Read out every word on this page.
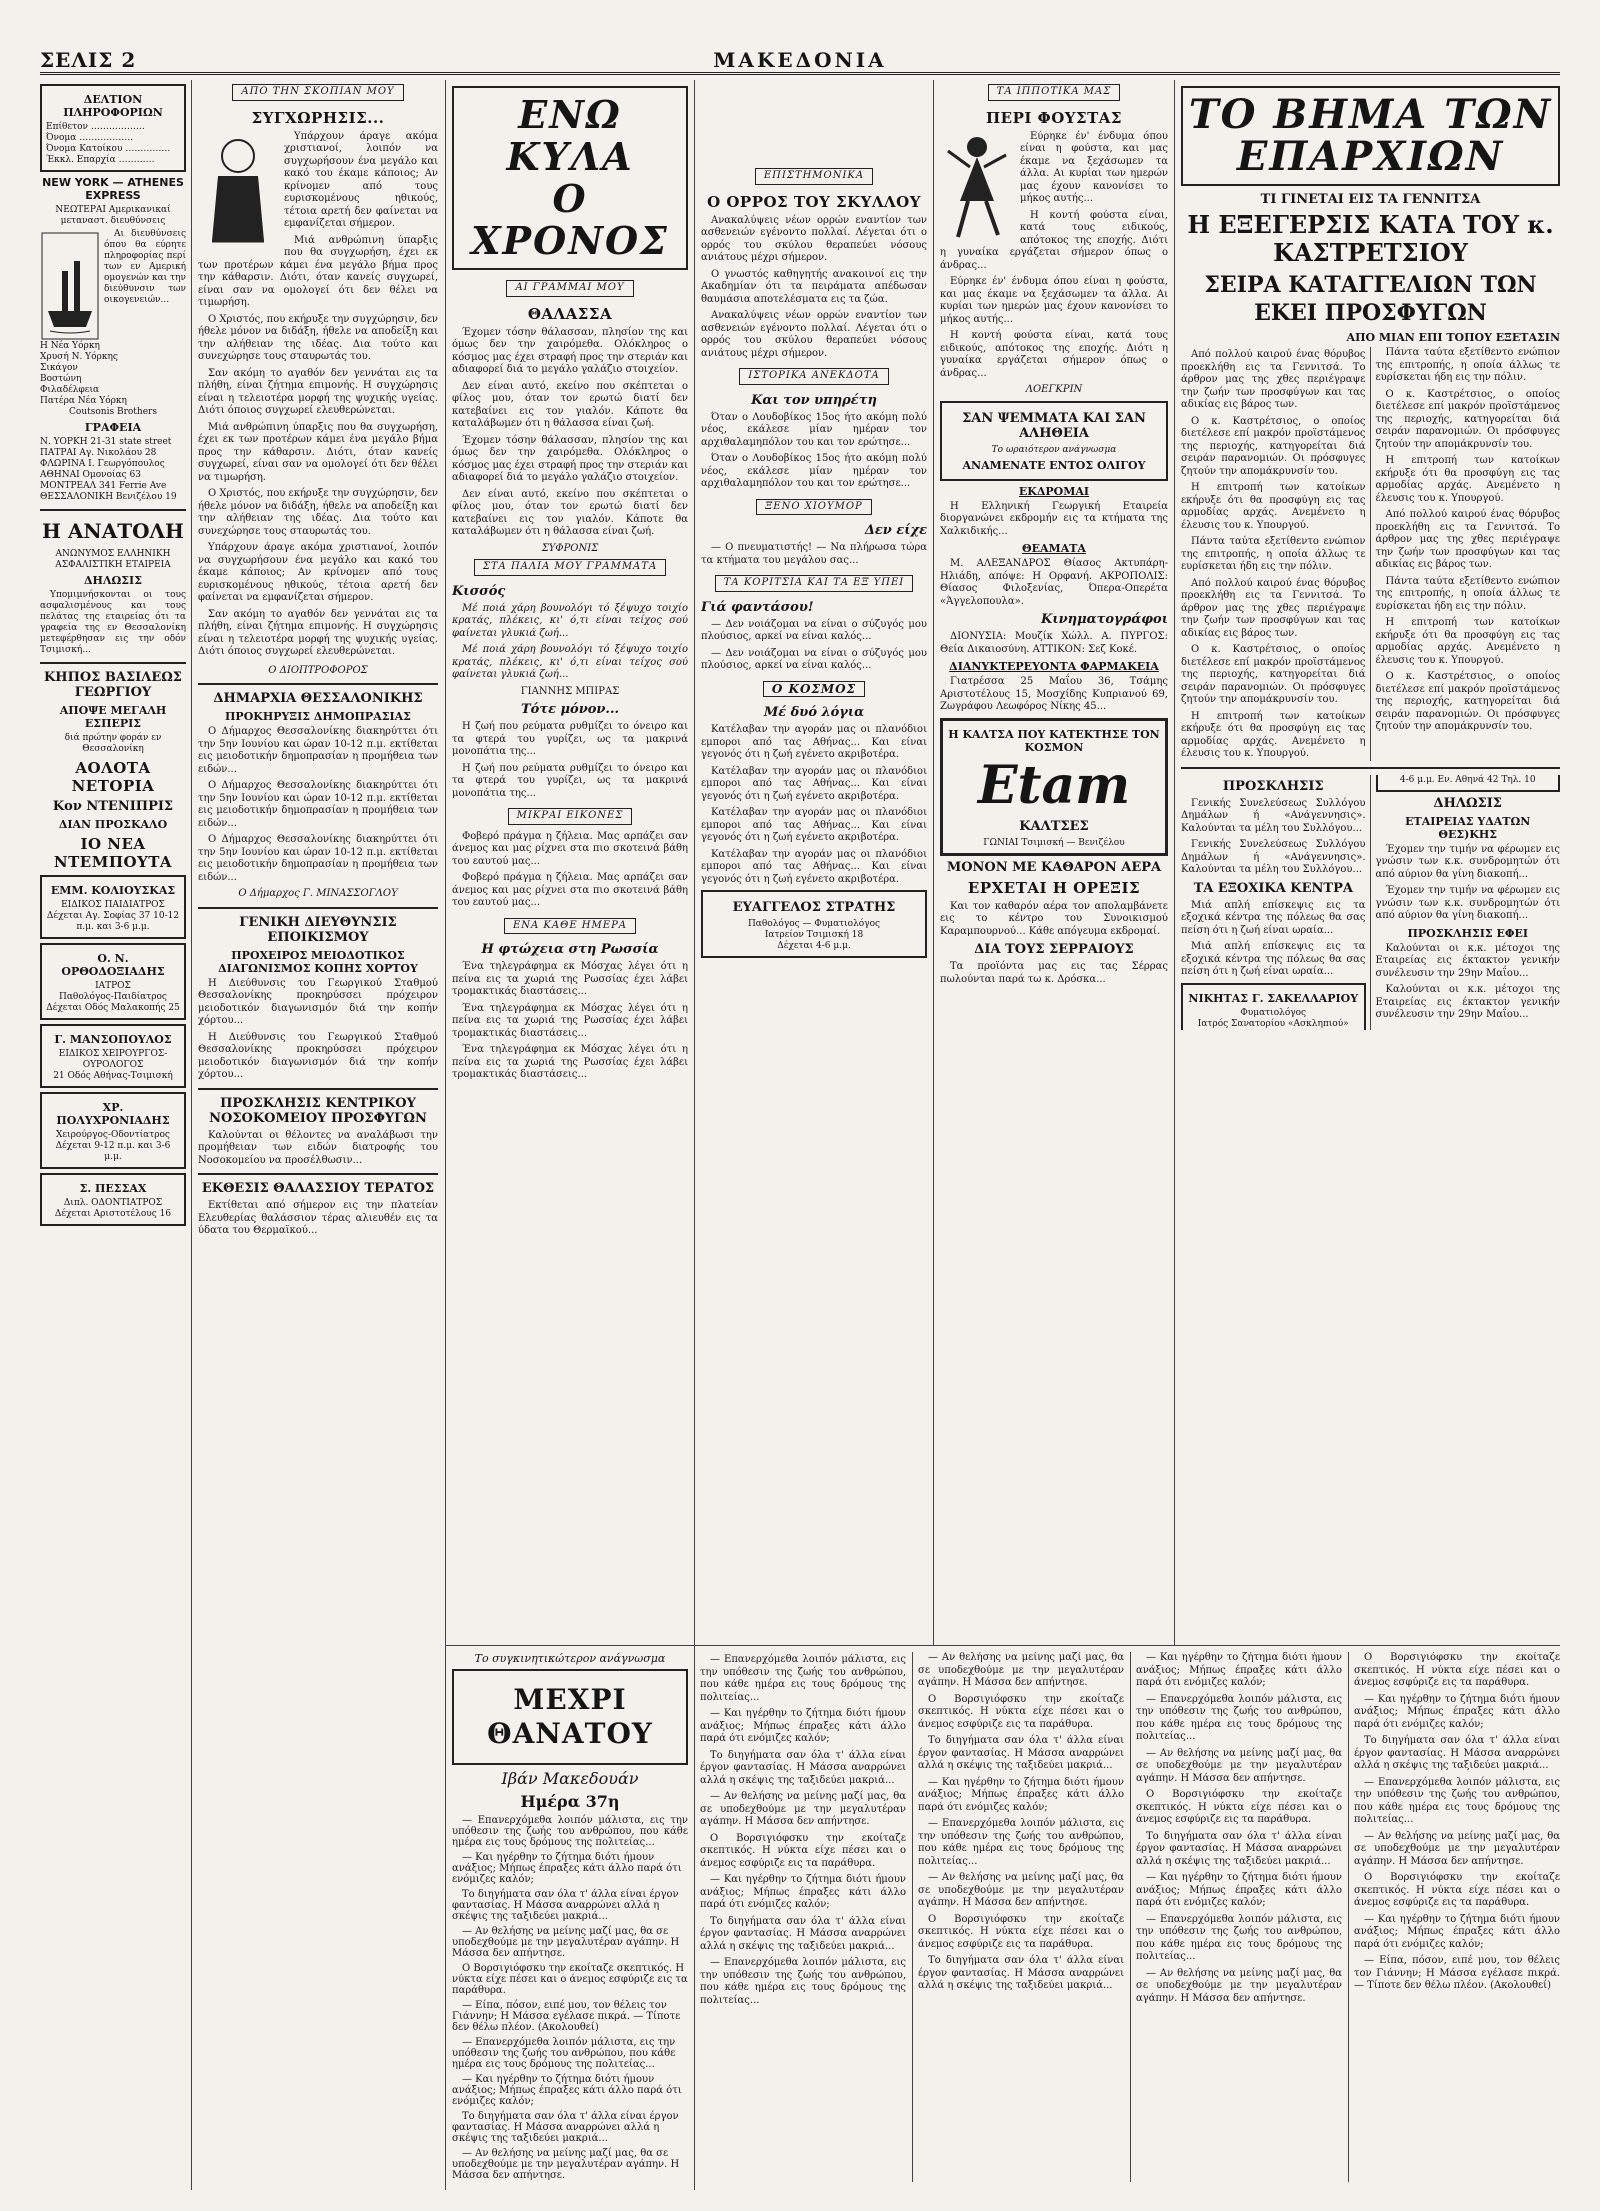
ΣΕΛΙΣ 2	ΜΑΚΕΔΟΝΙΑ
ΔΕΛΤΙΟΝ ΠΛΗΡΟΦΟΡΙΩΝ
Επίθετον ………………
Όνομα ………………
Όνομα Κατοίκου ……………
Έκκλ. Επαρχία …………
NEW YORK — ATHENES EXPRESS
ΝΕΩΤΕΡΑΙ Αμερικανικαί μεταναστ. διευθύνσεις

Αι διευθύνσεις όπου θα εύρητε πληροφορίας περί των εν Αμερική ομογενών και την διεύθυνσιν των οικογενειών...

Η Νέα Υόρκη
Χρυσή Ν. Υόρκης
Σικάγον
Βοστώνη
Φιλαδέλφεια
Πατέρα Νέα Υόρκη
Coutsonis Brothers
ΓΡΑΦΕΙΑ
Ν. ΥΟΡΚΗ 21-31 state street
ΠΑΤΡΑΙ Αγ. Νικολάου 28
ΦΛΩΡΙΝΑ Ι. Γεωργόπουλος
ΑΘΗΝΑΙ Ομονοίας 63
ΜΟΝΤΡΕΑΛ 341 Ferrie Ave
ΘΕΣΣΑΛΟΝΙΚΗ Βενιζέλου 19
Η ΑΝΑΤΟΛΗ
ΑΝΩΝΥΜΟΣ ΕΛΛΗΝΙΚΗ ΑΣΦΑΛΙΣΤΙΚΗ ΕΤΑΙΡΕΙΑ
ΔΗΛΩΣΙΣ

Υπομιμνήσκονται οι τους ασφαλισμένους και τους πελάτας της εταιρείας ότι τα γραφεία της εν Θεσσαλονίκη μετεφέρθησαν εις την οδόν Τσιμισκή...

ΚΗΠΟΣ ΒΑΣΙΛΕΩΣ ΓΕΩΡΓΙΟΥ
ΑΠΟΨΕ ΜΕΓΑΛΗ ΕΣΠΕΡΙΣ
διά πρώτην φοράν εν Θεσσαλονίκη
ΑΟΛΟΤΑ ΝΕΤΟΡΙΑ
Κον ΝΤΕΝΙΠΡΙΣ
ΔΙΑΝ ΠΡΟΣΚΑΛΟ
ΙΟ ΝΕΑ ΝΤΕΜΠΟΥΤΑ
ΕΜΜ. ΚΟΛΙΟΥΣΚΑΣ
ΕΙΔΙΚΟΣ ΠΑΙΔΙΑΤΡΟΣ
Δέχεται Αγ. Σοφίας 37 10-12 π.μ. και 3-6 μ.μ.
Ο. Ν. ΟΡΘΟΔΟΞΙΑΔΗΣ
ΙΑΤΡΟΣ
Παθολόγος-Παιδίατρος
Δέχεται Οδός Μαλακοπής 25
Γ. ΜΑΝΣΟΠΟΥΛΟΣ
ΕΙΔΙΚΟΣ ΧΕΙΡΟΥΡΓΟΣ-ΟΥΡΟΛΟΓΟΣ
21 Οδός Αθήνας-Τσιμισκή
ΧΡ. ΠΟΛΥΧΡΟΝΙΑΔΗΣ
Χειρούργος-Οδοντίατρος
Δέχεται 9-12 π.μ. και 3-6 μ.μ.
Σ. ΠΕΣΣΑΧ
Διπλ. ΟΔΟΝΤΙΑΤΡΟΣ
Δέχεται Αριστοτέλους 16
ΑΠΟ ΤΗΝ ΣΚΟΠΙΑΝ ΜΟΥ
ΣΥΓΧΩΡΗΣΙΣ...

Υπάρχουν άραγε ακόμα χριστιανοί, λοιπόν να συγχωρήσουν ένα μεγάλο και κακό του έκαμε κάποιος; Αν κρίνομεν από τους ευρισκομένους ηθικούς, τέτοια αρετή δεν φαίνεται να εμφανίζεται σήμερον.

Μιά ανθρώπινη ύπαρξις που θα συγχωρήση, έχει εκ των προτέρων κάμει ένα μεγάλο βήμα προς την κάθαρσιν. Διότι, όταν κανείς συγχωρεί, είναι σαν να ομολογεί ότι δεν θέλει να τιμωρήση.

Ο Χριστός, που εκήρυξε την συγχώρησιν, δεν ήθελε μόνον να διδάξη, ήθελε να αποδείξη και την αλήθειαν της ιδέας. Δια τούτο και συνεχώρησε τους σταυρωτάς του.

Σαν ακόμη το αγαθόν δεν γεννάται εις τα πλήθη, είναι ζήτημα επιμονής. Η συγχώρησις είναι η τελειοτέρα μορφή της ψυχικής υγείας. Διότι όποιος συγχωρεί ελευθερώνεται.

Μιά ανθρώπινη ύπαρξις που θα συγχωρήση, έχει εκ των προτέρων κάμει ένα μεγάλο βήμα προς την κάθαρσιν. Διότι, όταν κανείς συγχωρεί, είναι σαν να ομολογεί ότι δεν θέλει να τιμωρήση.

Ο Χριστός, που εκήρυξε την συγχώρησιν, δεν ήθελε μόνον να διδάξη, ήθελε να αποδείξη και την αλήθειαν της ιδέας. Δια τούτο και συνεχώρησε τους σταυρωτάς του.

Υπάρχουν άραγε ακόμα χριστιανοί, λοιπόν να συγχωρήσουν ένα μεγάλο και κακό του έκαμε κάποιος; Αν κρίνομεν από τους ευρισκομένους ηθικούς, τέτοια αρετή δεν φαίνεται να εμφανίζεται σήμερον.

Σαν ακόμη το αγαθόν δεν γεννάται εις τα πλήθη, είναι ζήτημα επιμονής. Η συγχώρησις είναι η τελειοτέρα μορφή της ψυχικής υγείας. Διότι όποιος συγχωρεί ελευθερώνεται.

Ο ΔΙΟΠΤΡΟΦΟΡΟΣ
ΔΗΜΑΡΧΙΑ ΘΕΣΣΑΛΟΝΙΚΗΣ
ΠΡΟΚΗΡΥΞΙΣ ΔΗΜΟΠΡΑΣΙΑΣ

Ο Δήμαρχος Θεσσαλονίκης διακηρύττει ότι την 5ην Ιουνίου και ώραν 10-12 π.μ. εκτίθεται εις μειοδοτικήν δημοπρασίαν η προμήθεια των ειδών...

Ο Δήμαρχος Θεσσαλονίκης διακηρύττει ότι την 5ην Ιουνίου και ώραν 10-12 π.μ. εκτίθεται εις μειοδοτικήν δημοπρασίαν η προμήθεια των ειδών...

Ο Δήμαρχος Θεσσαλονίκης διακηρύττει ότι την 5ην Ιουνίου και ώραν 10-12 π.μ. εκτίθεται εις μειοδοτικήν δημοπρασίαν η προμήθεια των ειδών...

Ο Δήμαρχος Γ. ΜΙΝΑΣΣΟΓΛΟΥ
ΓΕΝΙΚΗ ΔΙΕΥΘΥΝΣΙΣ ΕΠΟΙΚΙΣΜΟΥ
ΠΡΟΧΕΙΡΟΣ ΜΕΙΟΔΟΤΙΚΟΣ ΔΙΑΓΩΝΙΣΜΟΣ ΚΟΠΗΣ ΧΟΡΤΟΥ

Η Διεύθυνσις του Γεωργικού Σταθμού Θεσσαλονίκης προκηρύσσει πρόχειρον μειοδοτικόν διαγωνισμόν διά την κοπήν χόρτου...

Η Διεύθυνσις του Γεωργικού Σταθμού Θεσσαλονίκης προκηρύσσει πρόχειρον μειοδοτικόν διαγωνισμόν διά την κοπήν χόρτου...

ΠΡΟΣΚΛΗΣΙΣ ΚΕΝΤΡΙΚΟΥ ΝΟΣΟΚΟΜΕΙΟΥ ΠΡΟΣΦΥΓΩΝ

Καλούνται οι θέλοντες να αναλάβωσι την προμήθειαν των ειδών διατροφής του Νοσοκομείου να προσέλθωσιν...

ΕΚΘΕΣΙΣ ΘΑΛΑΣΣΙΟΥ ΤΕΡΑΤΟΣ

Εκτίθεται από σήμερον εις την πλατείαν Ελευθερίας θαλάσσιον τέρας αλιευθέν εις τα ύδατα του Θερμαϊκού...

ΕΝΩ ΚΥΛΑ
Ο ΧΡΟΝΟΣ
ΑΙ ΓΡΑΜΜΑΙ ΜΟΥ
ΘΑΛΑΣΣΑ

Έχομεν τόσην θάλασσαν, πλησίον της και όμως δεν την χαιρόμεθα. Ολόκληρος ο κόσμος μας έχει στραφή προς την στεριάν και αδιαφορεί διά το μεγάλο γαλάζιο στοιχείον.

Δεν είναι αυτό, εκείνο που σκέπτεται ο φίλος μου, όταν τον ερωτώ διατί δεν κατεβαίνει εις τον γιαλόν. Κάποτε θα καταλάβωμεν ότι η θάλασσα είναι ζωή.

Έχομεν τόσην θάλασσαν, πλησίον της και όμως δεν την χαιρόμεθα. Ολόκληρος ο κόσμος μας έχει στραφή προς την στεριάν και αδιαφορεί διά το μεγάλο γαλάζιο στοιχείον.

Δεν είναι αυτό, εκείνο που σκέπτεται ο φίλος μου, όταν τον ερωτώ διατί δεν κατεβαίνει εις τον γιαλόν. Κάποτε θα καταλάβωμεν ότι η θάλασσα είναι ζωή.

ΣΥΦΡΟΝΙΣ
ΣΤΑ ΠΑΛΙΑ ΜΟΥ ΓΡΑΜΜΑΤΑ
Κισσός

Μέ ποιά χάρη βουνολόγι τό ξέψυχο τοιχίο κρατάς, πλέκεις, κι' ό,τι είναι τείχος σού φαίνεται γλυκιά ζωή...

Μέ ποιά χάρη βουνολόγι τό ξέψυχο τοιχίο κρατάς, πλέκεις, κι' ό,τι είναι τείχος σού φαίνεται γλυκιά ζωή...

ΓΙΑΝΝΗΣ ΜΠΙΡΑΣ
Τότε μόνον...

Η ζωή που ρεύματα ρυθμίζει το όνειρο και τα φτερά του γυρίζει, ως τα μακρινά μονοπάτια της...

Η ζωή που ρεύματα ρυθμίζει το όνειρο και τα φτερά του γυρίζει, ως τα μακρινά μονοπάτια της...

ΜΙΚΡΑΙ ΕΙΚΟΝΕΣ

Φοβερό πράγμα η ζήλεια. Μας αρπάζει σαν άνεμος και μας ρίχνει στα πιο σκοτεινά βάθη του εαυτού μας...

Φοβερό πράγμα η ζήλεια. Μας αρπάζει σαν άνεμος και μας ρίχνει στα πιο σκοτεινά βάθη του εαυτού μας...

ΕΝΑ ΚΑΘΕ ΗΜΕΡΑ
Η φτώχεια στη Ρωσσία

Ένα τηλεγράφημα εκ Μόσχας λέγει ότι η πείνα εις τα χωριά της Ρωσσίας έχει λάβει τρομακτικάς διαστάσεις...

Ένα τηλεγράφημα εκ Μόσχας λέγει ότι η πείνα εις τα χωριά της Ρωσσίας έχει λάβει τρομακτικάς διαστάσεις...

Ένα τηλεγράφημα εκ Μόσχας λέγει ότι η πείνα εις τα χωριά της Ρωσσίας έχει λάβει τρομακτικάς διαστάσεις...

ΕΠΙΣΤΗΜΟΝΙΚΑ
Ο ΟΡΡΟΣ ΤΟΥ ΣΚΥΛΛΟΥ

Ανακαλύψεις νέων ορρών εναντίον των ασθενειών εγένοντο πολλαί. Λέγεται ότι ο ορρός του σκύλου θεραπεύει νόσους ανιάτους μέχρι σήμερον.

Ο γνωστός καθηγητής ανακοινοί εις την Ακαδημίαν ότι τα πειράματα απέδωσαν θαυμάσια αποτελέσματα εις τα ζώα.

Ανακαλύψεις νέων ορρών εναντίον των ασθενειών εγένοντο πολλαί. Λέγεται ότι ο ορρός του σκύλου θεραπεύει νόσους ανιάτους μέχρι σήμερον.

ΙΣΤΟΡΙΚΑ ΑΝΕΚΔΟΤΑ
Και τον υπηρέτη

Όταν ο Λουδοβίκος 15ος ήτο ακόμη πολύ νέος, εκάλεσε μίαν ημέραν τον αρχιθαλαμηπόλον του και τον ερώτησε...

Όταν ο Λουδοβίκος 15ος ήτο ακόμη πολύ νέος, εκάλεσε μίαν ημέραν τον αρχιθαλαμηπόλον του και τον ερώτησε...

ΞΕΝΟ ΧΙΟΥΜΟΡ
Δεν είχε

— Ο πνευματιστής! — Να πλήρωσα τώρα τα κτήματα του μεγάλου σας...

ΤΑ ΚΟΡΙΤΣΙΑ ΚΑΙ ΤΑ ΕΞ ΥΠΕΙ
Γιά φαντάσου!

— Δεν νοιάζομαι να είναι ο σύζυγός μου πλούσιος, αρκεί να είναι καλός...

— Δεν νοιάζομαι να είναι ο σύζυγός μου πλούσιος, αρκεί να είναι καλός...

Ο ΚΟΣΜΟΣ
Μέ δυό λόγια

Κατέλαβαν την αγοράν μας οι πλανόδιοι εμποροι από τας Αθήνας... Και είναι γεγονός ότι η ζωή εγένετο ακριβοτέρα.

Κατέλαβαν την αγοράν μας οι πλανόδιοι εμποροι από τας Αθήνας... Και είναι γεγονός ότι η ζωή εγένετο ακριβοτέρα.

Κατέλαβαν την αγοράν μας οι πλανόδιοι εμποροι από τας Αθήνας... Και είναι γεγονός ότι η ζωή εγένετο ακριβοτέρα.

Κατέλαβαν την αγοράν μας οι πλανόδιοι εμποροι από τας Αθήνας... Και είναι γεγονός ότι η ζωή εγένετο ακριβοτέρα.

ΕΥΑΓΓΕΛΟΣ ΣΤΡΑΤΗΣ
Παθολόγος — Φυματιολόγος
Ιατρείον Τσιμισκή 18
Δέχεται 4-6 μ.μ.
ΤΑ ΙΠΠΟΤΙΚΑ ΜΑΣ
ΠΕΡΙ ΦΟΥΣΤΑΣ

Εύρηκε έν' ένδυμα όπου είναι η φούστα, και μας έκαμε να ξεχάσωμεν τα άλλα. Αι κυρίαι των ημερών μας έχουν κανονίσει το μήκος αυτής...

Η κοντή φούστα είναι, κατά τους ειδικούς, απότοκος της εποχής. Διότι η γυναίκα εργάζεται σήμερον όπως ο άνδρας...

Εύρηκε έν' ένδυμα όπου είναι η φούστα, και μας έκαμε να ξεχάσωμεν τα άλλα. Αι κυρίαι των ημερών μας έχουν κανονίσει το μήκος αυτής...

Η κοντή φούστα είναι, κατά τους ειδικούς, απότοκος της εποχής. Διότι η γυναίκα εργάζεται σήμερον όπως ο άνδρας...

ΛΟΕΓΚΡΙΝ
ΣΑΝ ΨΕΜΜΑΤΑ ΚΑΙ ΣΑΝ ΑΛΗΘΕΙΑ
Το ωραιότερον ανάγνωσμα
ΑΝΑΜΕΝΑΤΕ ΕΝΤΟΣ ΟΛΙΓΟΥ
ΕΚΔΡΟΜΑΙ

Η Ελληνική Γεωργική Εταιρεία διοργανώνει εκδρομήν εις τα κτήματα της Χαλκιδικής...

ΘΕΑΜΑΤΑ

Μ. ΑΛΕΞΑΝΔΡΟΣ Θίασος Ακτυπάρη-Ηλιάδη, απόψε: Η Ορφανή. ΑΚΡΟΠΟΛΙΣ: Θίασος Φιλοξενίας, Όπερα-Οπερέτα «Άγγελοπουλα».

Κινηματογράφοι

ΔΙΟΝΥΣΙΑ: Μουζίκ Χώλλ. Α. ΠΥΡΓΟΣ: Θεία Δικαιοσύνη. ΑΤΤΙΚΟΝ: Σεζ Κοκέ.

ΔΙΑΝΥΚΤΕΡΕΥΟΝΤΑ ΦΑΡΜΑΚΕΙΑ

Γιατρέσσα 25 Μαΐου 36, Τσάμης Αριστοτέλους 15, Μοσχίδης Κυπριανού 69, Ζωγράφου Λεωφόρος Νίκης 45...

Η ΚΑΛΤΣΑ ΠΟΥ ΚΑΤΕΚΤΗΣΕ ΤΟΝ ΚΟΣΜΟΝ
Etam
ΚΑΛΤΣΕΣ
ΓΩΝΙΑΙ Τσιμισκή — Βενιζέλου
ΜΟΝΟΝ ΜΕ ΚΑΘΑΡΟΝ ΑΕΡΑ
ΕΡΧΕΤΑΙ Η ΟΡΕΞΙΣ

Και τον καθαρόν αέρα τον απολαμβάνετε εις το κέντρο του Συνοικισμού Καραμπουρνού... Κάθε απόγευμα εκδρομαί.

ΔΙΑ ΤΟΥΣ ΣΕΡΡΑΙΟΥΣ

Τα προϊόντα μας εις τας Σέρρας πωλούνται παρά τω κ. Δρόσκα...

ΤΟ ΒΗΜΑ ΤΩΝ
ΕΠΑΡΧΙΩΝ
ΤΙ ΓΙΝΕΤΑΙ ΕΙΣ ΤΑ ΓΕΝΝΙΤΣΑ
Η ΕΞΕΓΕΡΣΙΣ ΚΑΤΑ ΤΟΥ κ. ΚΑΣΤΡΕΤΣΙΟΥ
ΣΕΙΡΑ ΚΑΤΑΓΓΕΛΙΩΝ ΤΩΝ ΕΚΕΙ ΠΡΟΣΦΥΓΩΝ
ΑΠΟ ΜΙΑΝ ΕΠΙ ΤΟΠΟΥ ΕΞΕΤΑΣΙΝ

Από πολλού καιρού ένας θόρυβος προεκλήθη εις τα Γεννιτσά. Το άρθρον μας της χθες περιέγραψε την ζωήν των προσφύγων και τας αδικίας εις βάρος των.

Ο κ. Καστρέτσιος, ο οποίος διετέλεσε επί μακρόν προϊστάμενος της περιοχής, κατηγορείται διά σειράν παρανομιών. Οι πρόσφυγες ζητούν την απομάκρυνσίν του.

Η επιτροπή των κατοίκων εκήρυξε ότι θα προσφύγη εις τας αρμοδίας αρχάς. Ανεμένετο η έλευσις του κ. Υπουργού.

Πάντα ταύτα εξετίθεντο ενώπιον της επιτροπής, η οποία άλλως τε ευρίσκεται ήδη εις την πόλιν.

Από πολλού καιρού ένας θόρυβος προεκλήθη εις τα Γεννιτσά. Το άρθρον μας της χθες περιέγραψε την ζωήν των προσφύγων και τας αδικίας εις βάρος των.

Ο κ. Καστρέτσιος, ο οποίος διετέλεσε επί μακρόν προϊστάμενος της περιοχής, κατηγορείται διά σειράν παρανομιών. Οι πρόσφυγες ζητούν την απομάκρυνσίν του.

Η επιτροπή των κατοίκων εκήρυξε ότι θα προσφύγη εις τας αρμοδίας αρχάς. Ανεμένετο η έλευσις του κ. Υπουργού.

Πάντα ταύτα εξετίθεντο ενώπιον της επιτροπής, η οποία άλλως τε ευρίσκεται ήδη εις την πόλιν.

Ο κ. Καστρέτσιος, ο οποίος διετέλεσε επί μακρόν προϊστάμενος της περιοχής, κατηγορείται διά σειράν παρανομιών. Οι πρόσφυγες ζητούν την απομάκρυνσίν του.

Η επιτροπή των κατοίκων εκήρυξε ότι θα προσφύγη εις τας αρμοδίας αρχάς. Ανεμένετο η έλευσις του κ. Υπουργού.

Από πολλού καιρού ένας θόρυβος προεκλήθη εις τα Γεννιτσά. Το άρθρον μας της χθες περιέγραψε την ζωήν των προσφύγων και τας αδικίας εις βάρος των.

Πάντα ταύτα εξετίθεντο ενώπιον της επιτροπής, η οποία άλλως τε ευρίσκεται ήδη εις την πόλιν.

Η επιτροπή των κατοίκων εκήρυξε ότι θα προσφύγη εις τας αρμοδίας αρχάς. Ανεμένετο η έλευσις του κ. Υπουργού.

Ο κ. Καστρέτσιος, ο οποίος διετέλεσε επί μακρόν προϊστάμενος της περιοχής, κατηγορείται διά σειράν παρανομιών. Οι πρόσφυγες ζητούν την απομάκρυνσίν του.

ΠΡΟΣΚΛΗΣΙΣ

Γενικής Συνελεύσεως Συλλόγου Δημάλων ή «Ανάγεννησις». Καλούνται τα μέλη του Συλλόγου...

Γενικής Συνελεύσεως Συλλόγου Δημάλων ή «Ανάγεννησις». Καλούνται τα μέλη του Συλλόγου...

ΤΑ ΕΞΟΧΙΚΑ ΚΕΝΤΡΑ

Μιά απλή επίσκεψις εις τα εξοχικά κέντρα της πόλεως θα σας πείση ότι η ζωή είναι ωραία...

Μιά απλή επίσκεψις εις τα εξοχικά κέντρα της πόλεως θα σας πείση ότι η ζωή είναι ωραία...

ΝΙΚΗΤΑΣ Γ. ΣΑΚΕΛΛΑΡΙΟΥ
Φυματιολόγος
Ιατρός Σανατορίου «Ασκληπιού»
4-6 μ.μ. Εν. Αθηνά 42 Τηλ. 10
ΔΗΛΩΣΙΣ
ΕΤΑΙΡΕΙΑΣ ΥΔΑΤΩΝ ΘΕΣ)ΚΗΣ

Έχομεν την τιμήν να φέρωμεν εις γνώσιν των κ.κ. συνδρομητών ότι από αύριον θα γίνη διακοπή...

Έχομεν την τιμήν να φέρωμεν εις γνώσιν των κ.κ. συνδρομητών ότι από αύριον θα γίνη διακοπή...

ΠΡΟΣΚΛΗΣΙΣ ΕΦΕΙ

Καλούνται οι κ.κ. μέτοχοι της Εταιρείας εις έκτακτον γενικήν συνέλευσιν την 29ην Μαΐου...

Καλούνται οι κ.κ. μέτοχοι της Εταιρείας εις έκτακτον γενικήν συνέλευσιν την 29ην Μαΐου...

Το συγκινητικώτερον ανάγνωσμα
ΜΕΧΡΙ ΘΑΝΑΤΟΥ
Ιβάν Μακεδουάν
Ημέρα 37η

— Επανερχόμεθα λοιπόν μάλιστα, εις την υπόθεσιν της ζωής του ανθρώπου, που κάθε ημέρα εις τους δρόμους της πολιτείας...

— Και ηγέρθην το ζήτημα διότι ήμουν ανάξιος; Μήπως έπραξες κάτι άλλο παρά ότι ενόμιζες καλόν;

Το διηγήματα σαν όλα τ' άλλα είναι έργον φαντασίας. Η Μάσσα αναρρώνει αλλά η σκέψις της ταξιδεύει μακριά...

— Αν θελήσης να μείνης μαζί μας, θα σε υποδεχθούμε με την μεγαλυτέραν αγάπην. Η Μάσσα δεν απήντησε.

Ο Βορσιγιόφσκυ την εκοίταζε σκεπτικός. Η νύκτα είχε πέσει και ο άνεμος εσφύριζε εις τα παράθυρα.

— Είπα, πόσον, ειπέ μου, τον θέλεις τον Γιάννην; Η Μάσσα εγέλασε πικρά. — Τίποτε δεν θέλω πλέον. (Ακολουθεί)

— Επανερχόμεθα λοιπόν μάλιστα, εις την υπόθεσιν της ζωής του ανθρώπου, που κάθε ημέρα εις τους δρόμους της πολιτείας...

— Και ηγέρθην το ζήτημα διότι ήμουν ανάξιος; Μήπως έπραξες κάτι άλλο παρά ότι ενόμιζες καλόν;

Το διηγήματα σαν όλα τ' άλλα είναι έργον φαντασίας. Η Μάσσα αναρρώνει αλλά η σκέψις της ταξιδεύει μακριά...

— Αν θελήσης να μείνης μαζί μας, θα σε υποδεχθούμε με την μεγαλυτέραν αγάπην. Η Μάσσα δεν απήντησε.

— Επανερχόμεθα λοιπόν μάλιστα, εις την υπόθεσιν της ζωής του ανθρώπου, που κάθε ημέρα εις τους δρόμους της πολιτείας...

— Και ηγέρθην το ζήτημα διότι ήμουν ανάξιος; Μήπως έπραξες κάτι άλλο παρά ότι ενόμιζες καλόν;

Το διηγήματα σαν όλα τ' άλλα είναι έργον φαντασίας. Η Μάσσα αναρρώνει αλλά η σκέψις της ταξιδεύει μακριά...

— Αν θελήσης να μείνης μαζί μας, θα σε υποδεχθούμε με την μεγαλυτέραν αγάπην. Η Μάσσα δεν απήντησε.

Ο Βορσιγιόφσκυ την εκοίταζε σκεπτικός. Η νύκτα είχε πέσει και ο άνεμος εσφύριζε εις τα παράθυρα.

— Και ηγέρθην το ζήτημα διότι ήμουν ανάξιος; Μήπως έπραξες κάτι άλλο παρά ότι ενόμιζες καλόν;

Το διηγήματα σαν όλα τ' άλλα είναι έργον φαντασίας. Η Μάσσα αναρρώνει αλλά η σκέψις της ταξιδεύει μακριά...

— Επανερχόμεθα λοιπόν μάλιστα, εις την υπόθεσιν της ζωής του ανθρώπου, που κάθε ημέρα εις τους δρόμους της πολιτείας...

— Αν θελήσης να μείνης μαζί μας, θα σε υποδεχθούμε με την μεγαλυτέραν αγάπην. Η Μάσσα δεν απήντησε.

Ο Βορσιγιόφσκυ την εκοίταζε σκεπτικός. Η νύκτα είχε πέσει και ο άνεμος εσφύριζε εις τα παράθυρα.

Το διηγήματα σαν όλα τ' άλλα είναι έργον φαντασίας. Η Μάσσα αναρρώνει αλλά η σκέψις της ταξιδεύει μακριά...

— Και ηγέρθην το ζήτημα διότι ήμουν ανάξιος; Μήπως έπραξες κάτι άλλο παρά ότι ενόμιζες καλόν;

— Επανερχόμεθα λοιπόν μάλιστα, εις την υπόθεσιν της ζωής του ανθρώπου, που κάθε ημέρα εις τους δρόμους της πολιτείας...

— Αν θελήσης να μείνης μαζί μας, θα σε υποδεχθούμε με την μεγαλυτέραν αγάπην. Η Μάσσα δεν απήντησε.

Ο Βορσιγιόφσκυ την εκοίταζε σκεπτικός. Η νύκτα είχε πέσει και ο άνεμος εσφύριζε εις τα παράθυρα.

Το διηγήματα σαν όλα τ' άλλα είναι έργον φαντασίας. Η Μάσσα αναρρώνει αλλά η σκέψις της ταξιδεύει μακριά...

— Και ηγέρθην το ζήτημα διότι ήμουν ανάξιος; Μήπως έπραξες κάτι άλλο παρά ότι ενόμιζες καλόν;

— Επανερχόμεθα λοιπόν μάλιστα, εις την υπόθεσιν της ζωής του ανθρώπου, που κάθε ημέρα εις τους δρόμους της πολιτείας...

— Αν θελήσης να μείνης μαζί μας, θα σε υποδεχθούμε με την μεγαλυτέραν αγάπην. Η Μάσσα δεν απήντησε.

Ο Βορσιγιόφσκυ την εκοίταζε σκεπτικός. Η νύκτα είχε πέσει και ο άνεμος εσφύριζε εις τα παράθυρα.

Το διηγήματα σαν όλα τ' άλλα είναι έργον φαντασίας. Η Μάσσα αναρρώνει αλλά η σκέψις της ταξιδεύει μακριά...

— Και ηγέρθην το ζήτημα διότι ήμουν ανάξιος; Μήπως έπραξες κάτι άλλο παρά ότι ενόμιζες καλόν;

— Επανερχόμεθα λοιπόν μάλιστα, εις την υπόθεσιν της ζωής του ανθρώπου, που κάθε ημέρα εις τους δρόμους της πολιτείας...

— Αν θελήσης να μείνης μαζί μας, θα σε υποδεχθούμε με την μεγαλυτέραν αγάπην. Η Μάσσα δεν απήντησε.

Ο Βορσιγιόφσκυ την εκοίταζε σκεπτικός. Η νύκτα είχε πέσει και ο άνεμος εσφύριζε εις τα παράθυρα.

— Και ηγέρθην το ζήτημα διότι ήμουν ανάξιος; Μήπως έπραξες κάτι άλλο παρά ότι ενόμιζες καλόν;

Το διηγήματα σαν όλα τ' άλλα είναι έργον φαντασίας. Η Μάσσα αναρρώνει αλλά η σκέψις της ταξιδεύει μακριά...

— Επανερχόμεθα λοιπόν μάλιστα, εις την υπόθεσιν της ζωής του ανθρώπου, που κάθε ημέρα εις τους δρόμους της πολιτείας...

— Αν θελήσης να μείνης μαζί μας, θα σε υποδεχθούμε με την μεγαλυτέραν αγάπην. Η Μάσσα δεν απήντησε.

Ο Βορσιγιόφσκυ την εκοίταζε σκεπτικός. Η νύκτα είχε πέσει και ο άνεμος εσφύριζε εις τα παράθυρα.

— Και ηγέρθην το ζήτημα διότι ήμουν ανάξιος; Μήπως έπραξες κάτι άλλο παρά ότι ενόμιζες καλόν;

— Είπα, πόσον, ειπέ μου, τον θέλεις τον Γιάννην; Η Μάσσα εγέλασε πικρά. — Τίποτε δεν θέλω πλέον. (Ακολουθεί)
